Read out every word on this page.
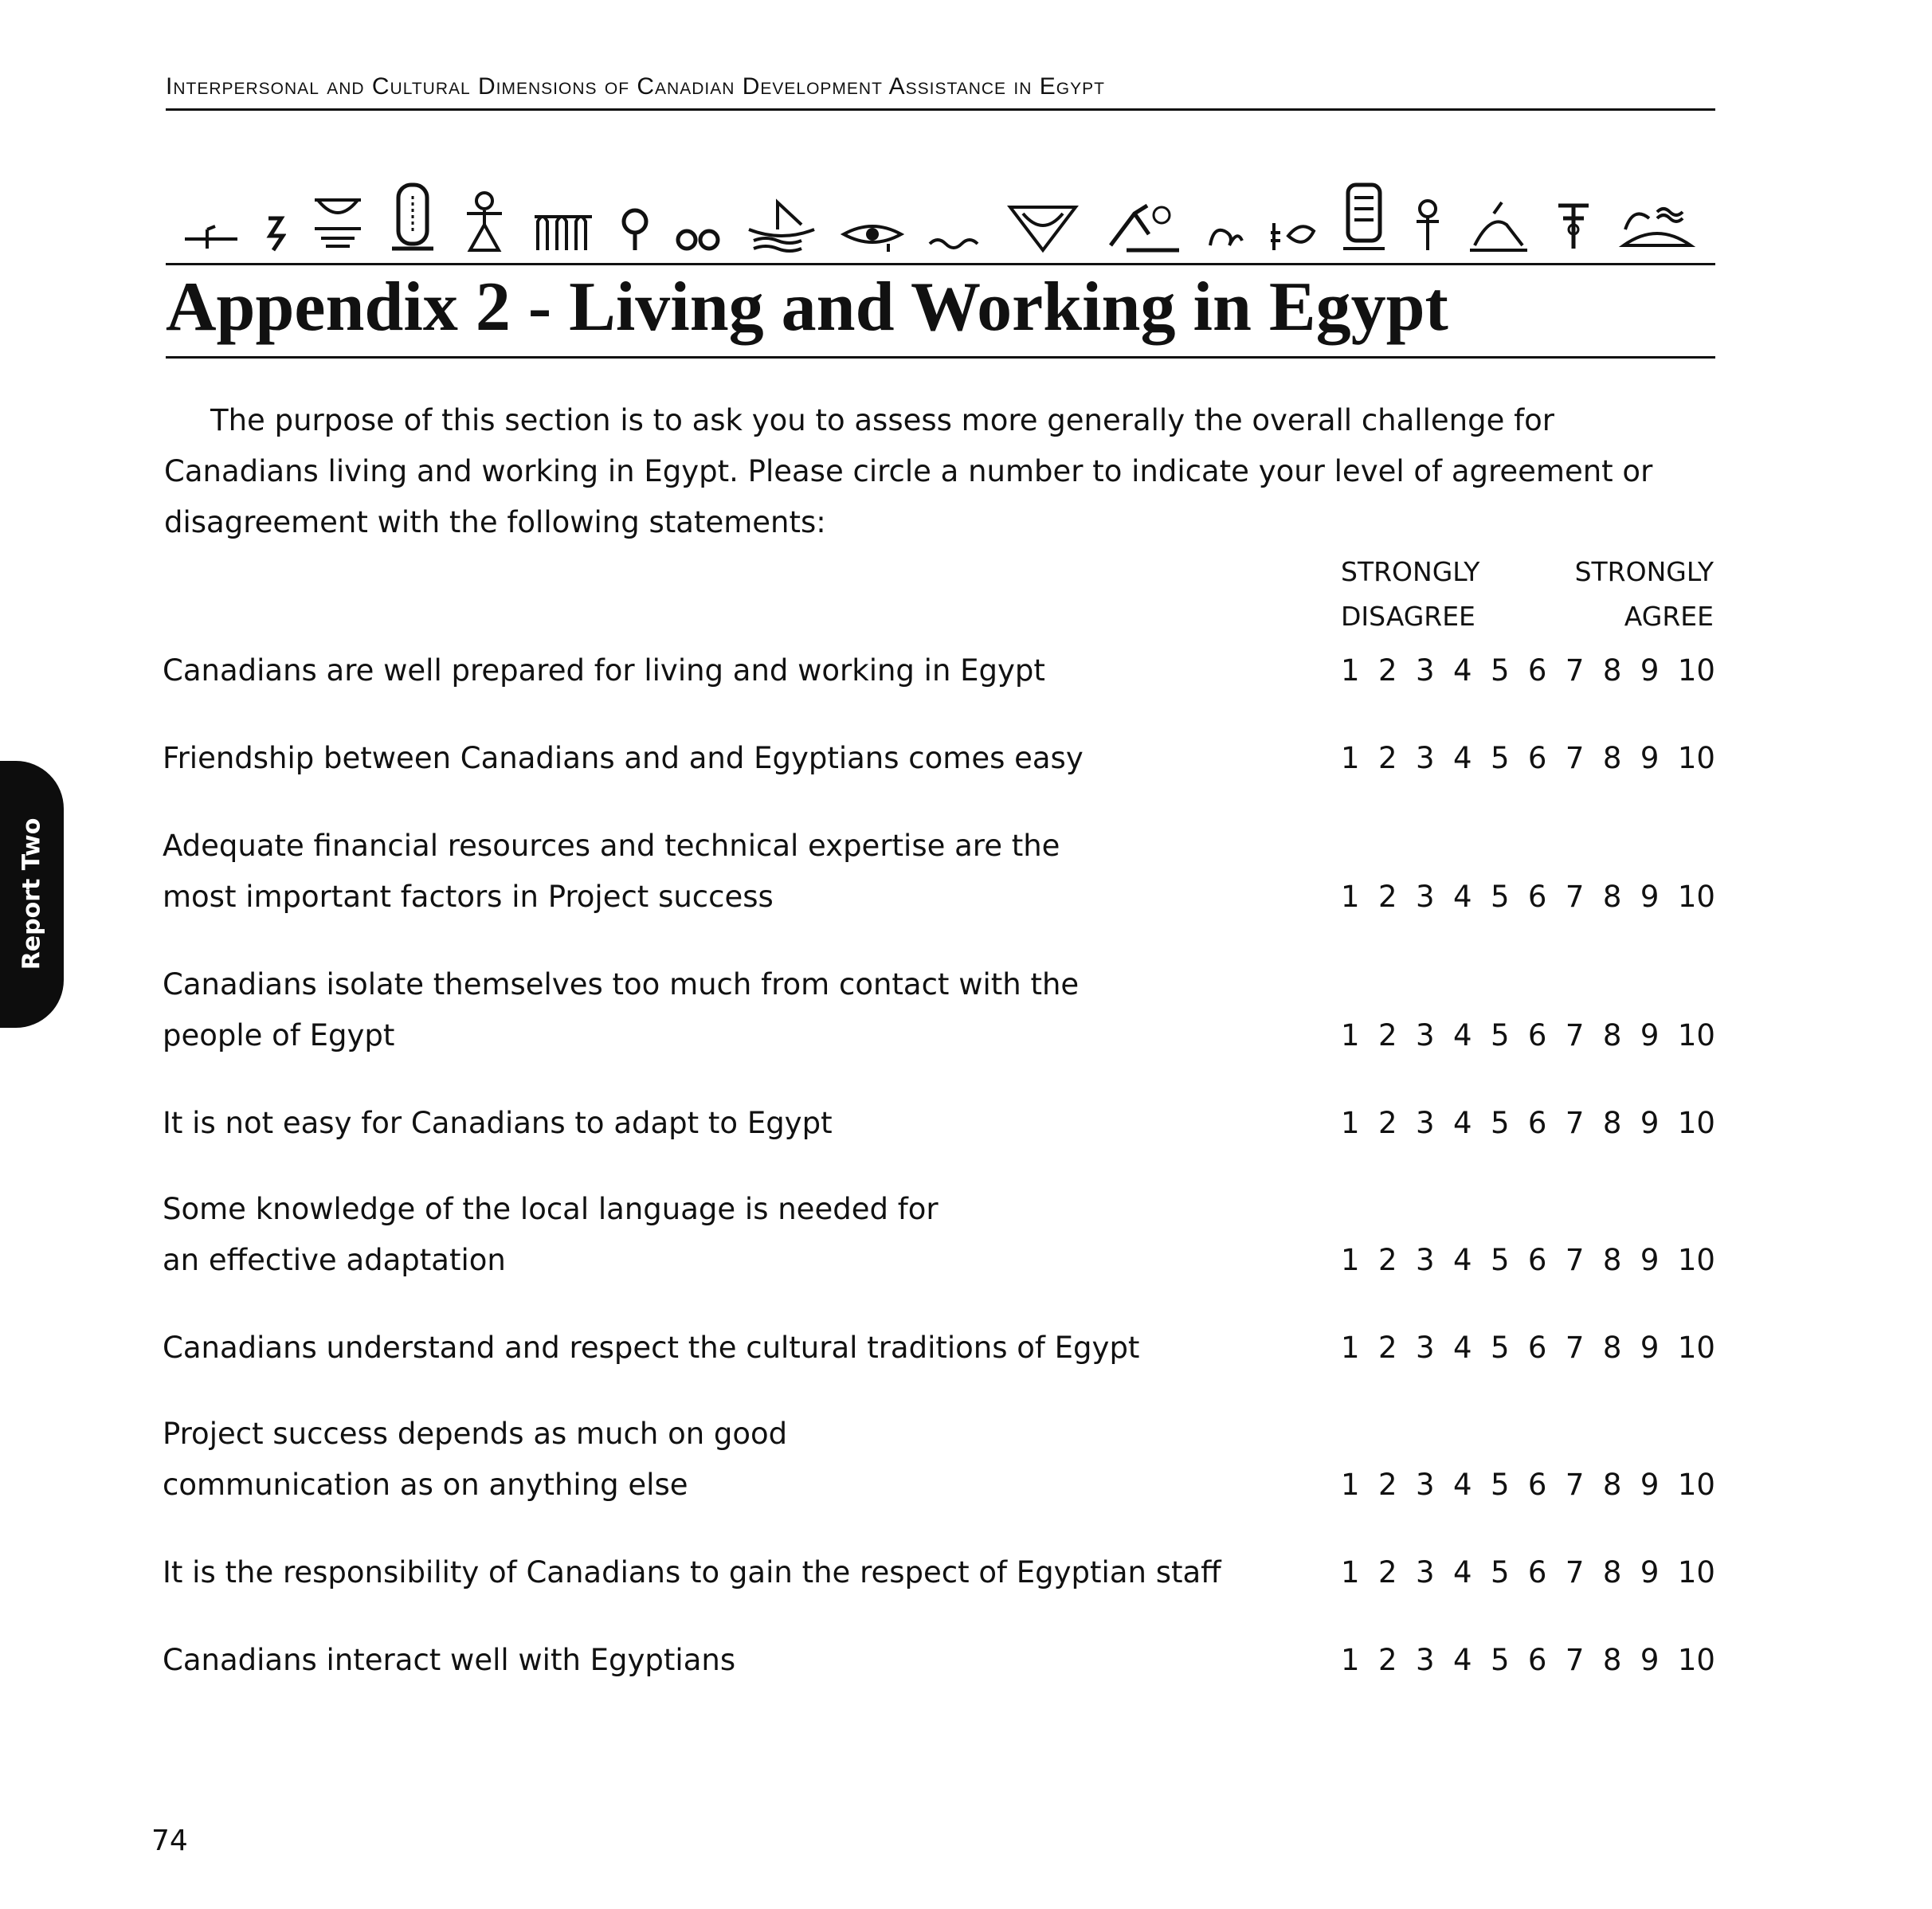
Interpersonal and Cultural Dimensions of Canadian Development Assistance in Egypt
Appendix 2 - Living and Working in Egypt

The purpose of this section is to ask you to assess more generally the overall challenge for Canadians living and working in Egypt. Please circle a number to indicate your level of agreement or disagreement with the following statements:

STRONGLY
DISAGREE
STRONGLY
AGREE
Canadians are well prepared for living and working in Egypt	1 2 3 4 5 6 7 8 9 10
Friendship between Canadians and and Egyptians comes easy	1 2 3 4 5 6 7 8 9 10
Adequate financial resources and technical expertise are the
most important factors in Project success	1 2 3 4 5 6 7 8 9 10
Canadians isolate themselves too much from contact with the
people of Egypt	1 2 3 4 5 6 7 8 9 10
It is not easy for Canadians to adapt to Egypt	1 2 3 4 5 6 7 8 9 10
Some knowledge of the local language is needed for
an effective adaptation	1 2 3 4 5 6 7 8 9 10
Canadians understand and respect the cultural traditions of Egypt	1 2 3 4 5 6 7 8 9 10
Project success depends as much on good
communication as on anything else	1 2 3 4 5 6 7 8 9 10
It is the responsibility of Canadians to gain the respect of Egyptian staff	1 2 3 4 5 6 7 8 9 10
Canadians interact well with Egyptians	1 2 3 4 5 6 7 8 9 10
Report Two
74
